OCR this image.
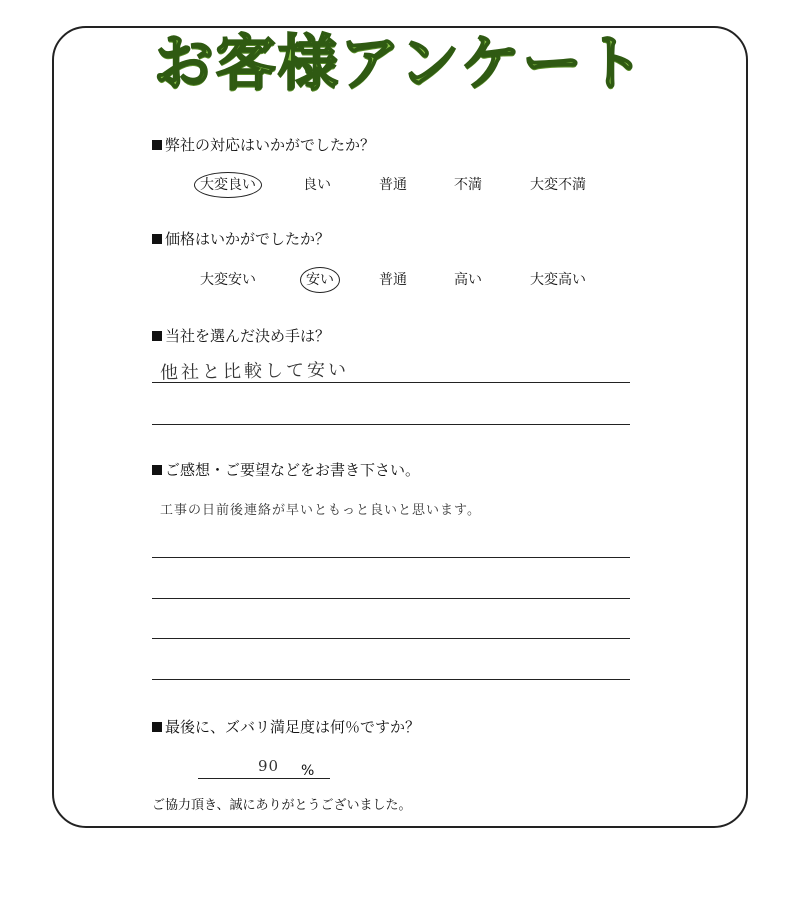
お客様アンケート
弊社の対応はいかがでしたか？
大変良い	良い	普通	不満	大変不満
価格はいかがでしたか？
大変安い	安い	普通	高い	大変高い
当社を選んだ決め手は？
他社と比較して安い
ご感想・ご要望などをお書き下さい。
工事の日前後連絡が早いともっと良いと思います。
最後に、ズバリ満足度は何％ですか？
90 %
ご協力頂き、誠にありがとうございました。
